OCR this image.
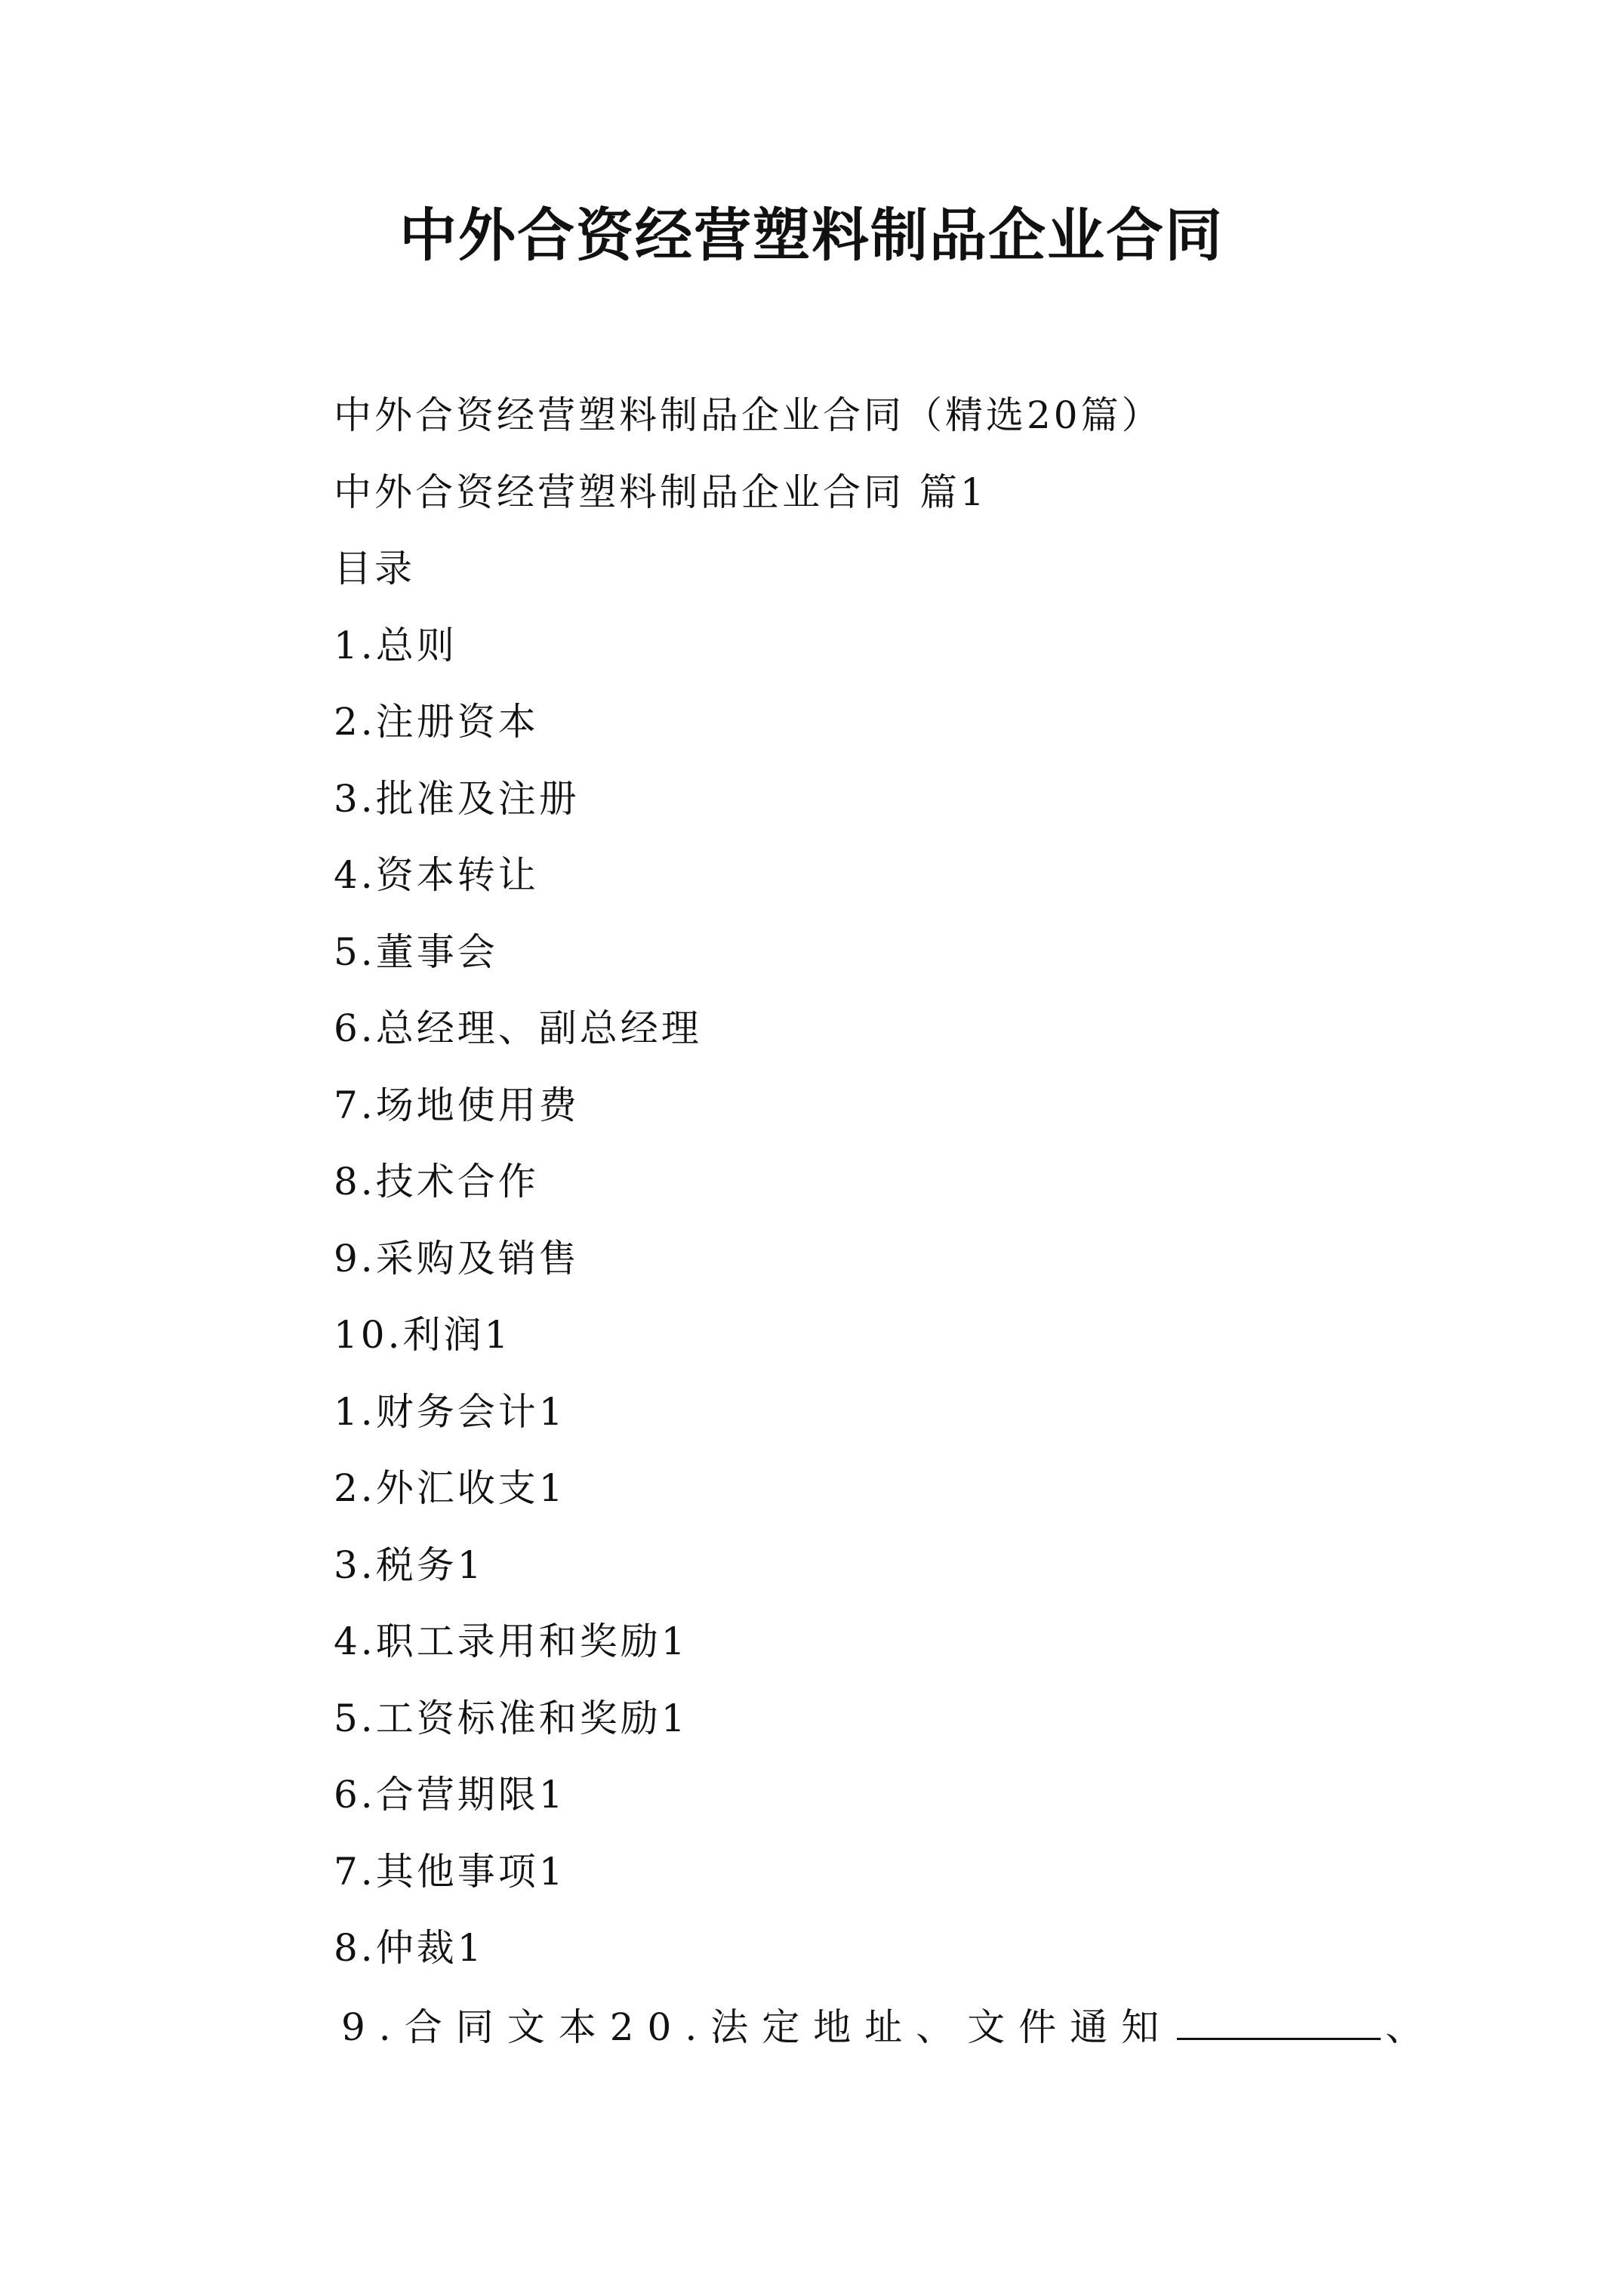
中外合资经营塑料制品企业合同
中外合资经营塑料制品企业合同（精选20篇）
中外合资经营塑料制品企业合同 篇1
目录
1.总则
2.注册资本
3.批准及注册
4.资本转让
5.董事会
6.总经理、副总经理
7.场地使用费
8.技术合作
9.采购及销售
10.利润1
1.财务会计1
2.外汇收支1
3.税务1
4.职工录用和奖励1
5.工资标准和奖励1
6.合营期限1
7.其他事项1
8.仲裁1
9.合同文本20.法定地址、文件通知	、
